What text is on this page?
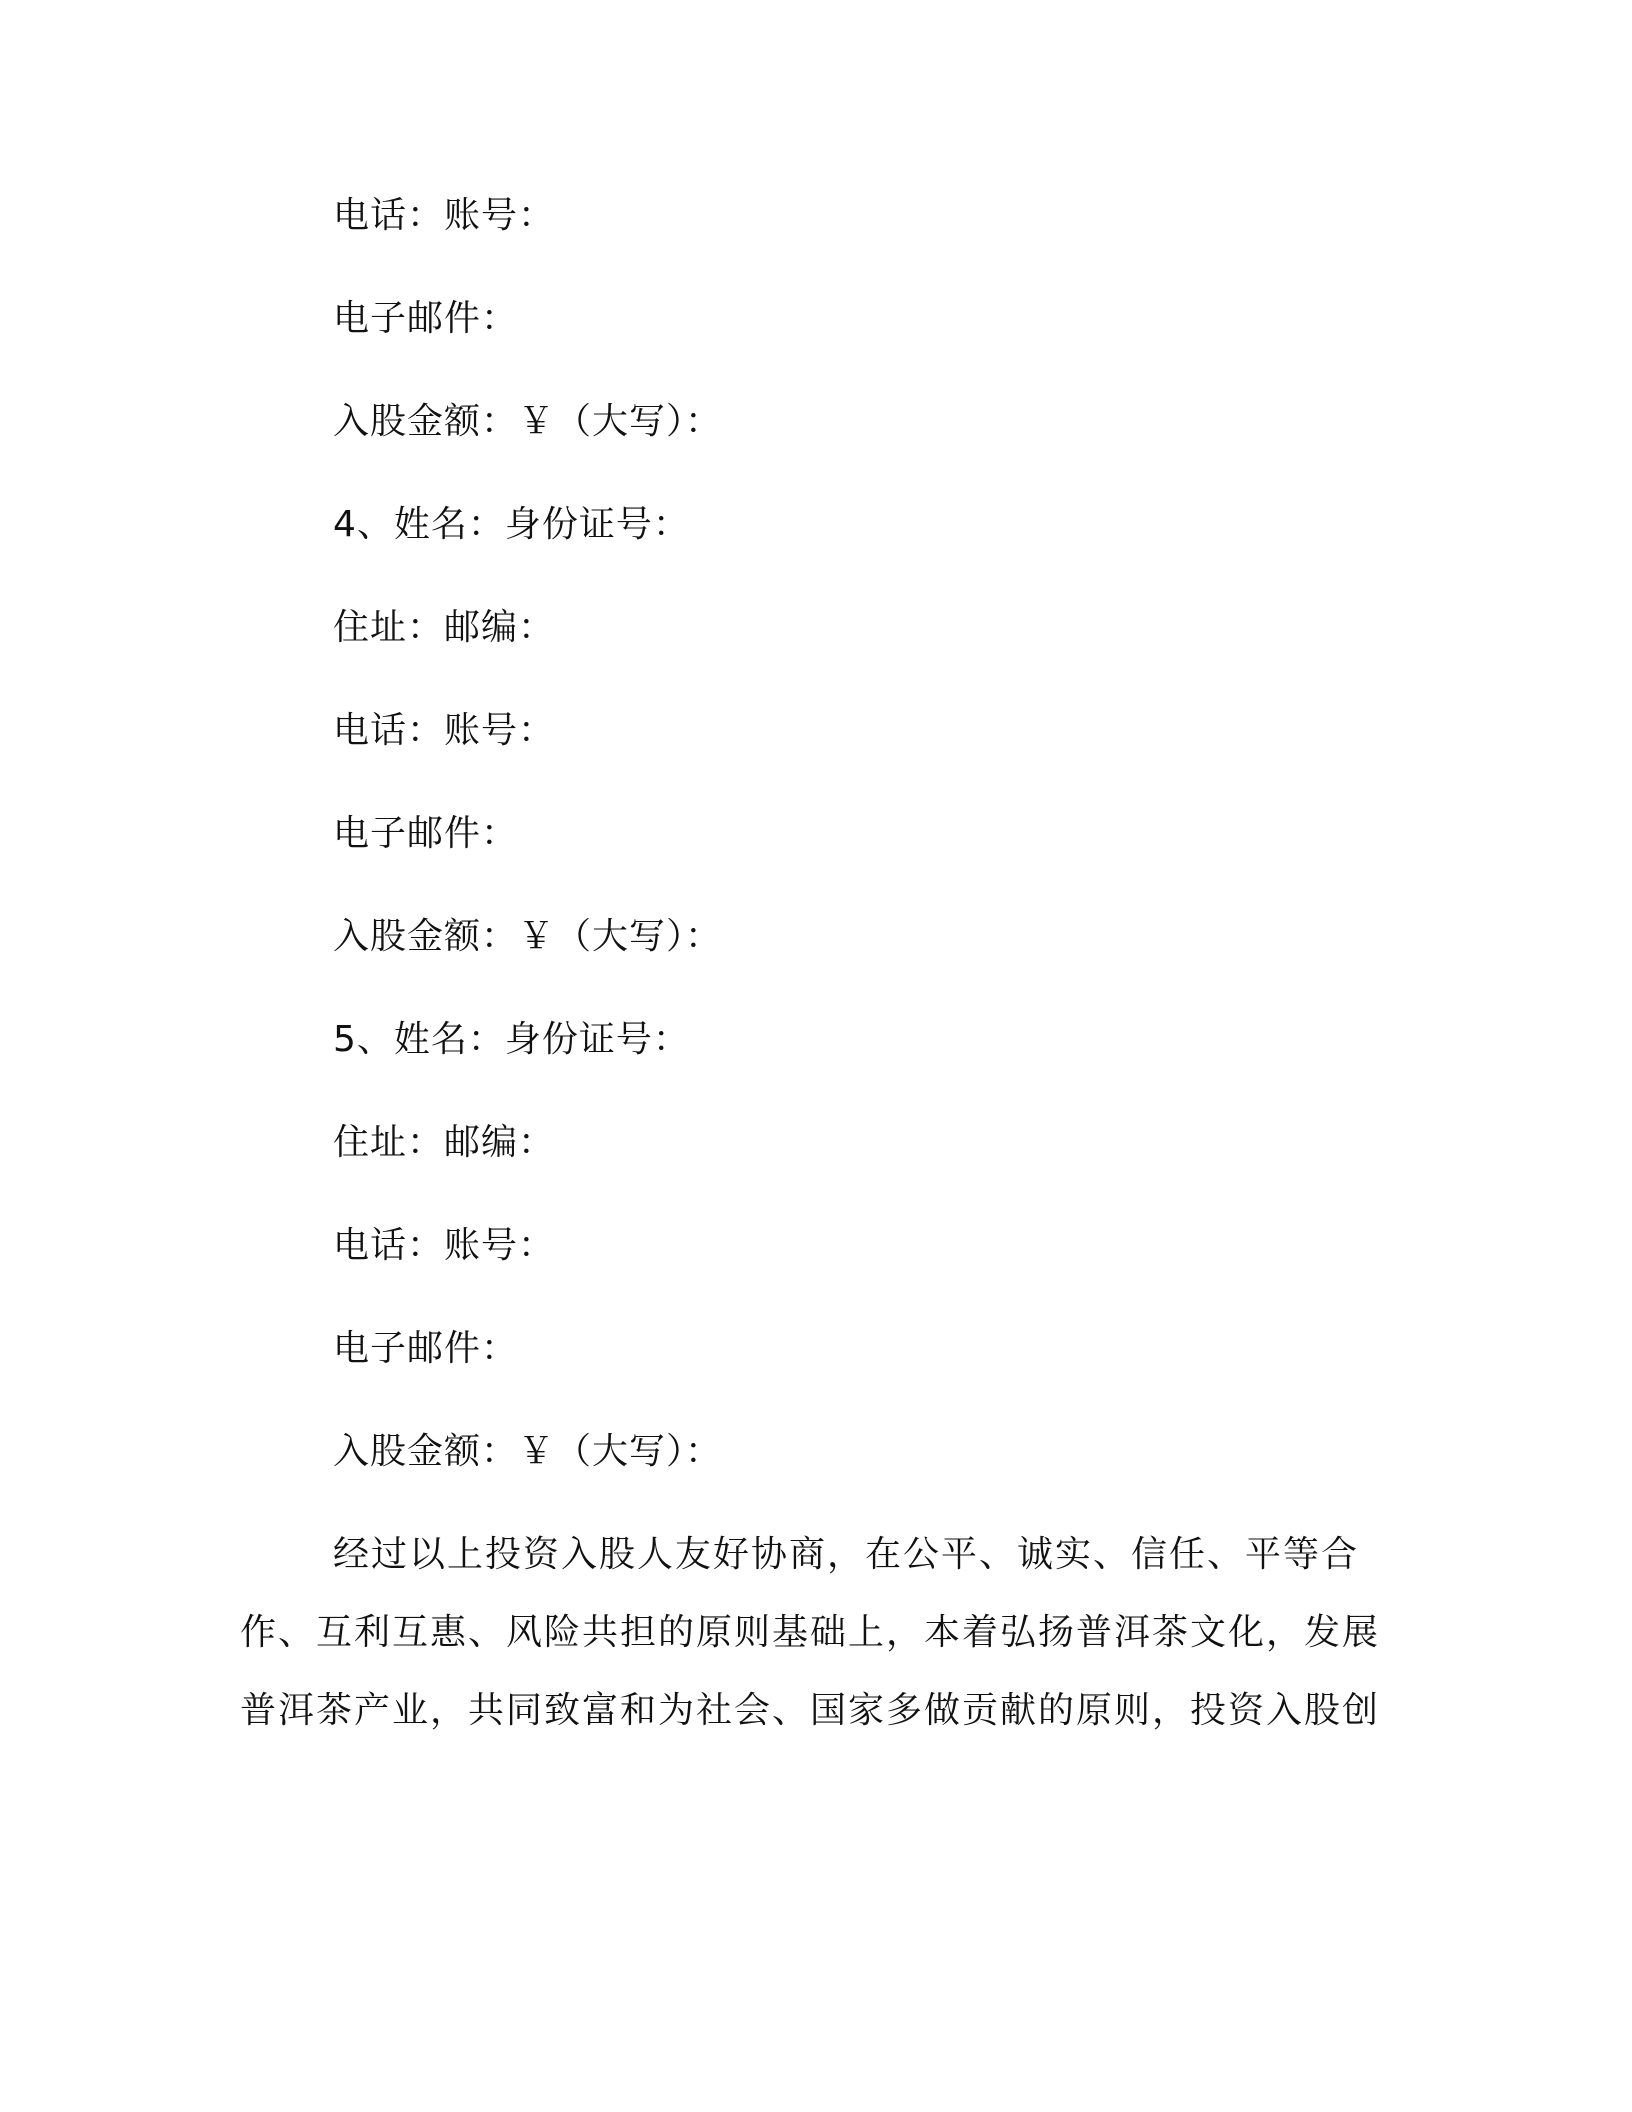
电话：账号：
电子邮件：
入股金额：￥（大写）：
4、姓名：身份证号：
住址：邮编：
电话：账号：
电子邮件：
入股金额：￥（大写）：
5、姓名：身份证号：
住址：邮编：
电话：账号：
电子邮件：
入股金额：￥（大写）：
经过以上投资入股人友好协商，在公平、诚实、信任、平等合
作、互利互惠、风险共担的原则基础上，本着弘扬普洱茶文化，发展
普洱茶产业，共同致富和为社会、国家多做贡献的原则，投资入股创
